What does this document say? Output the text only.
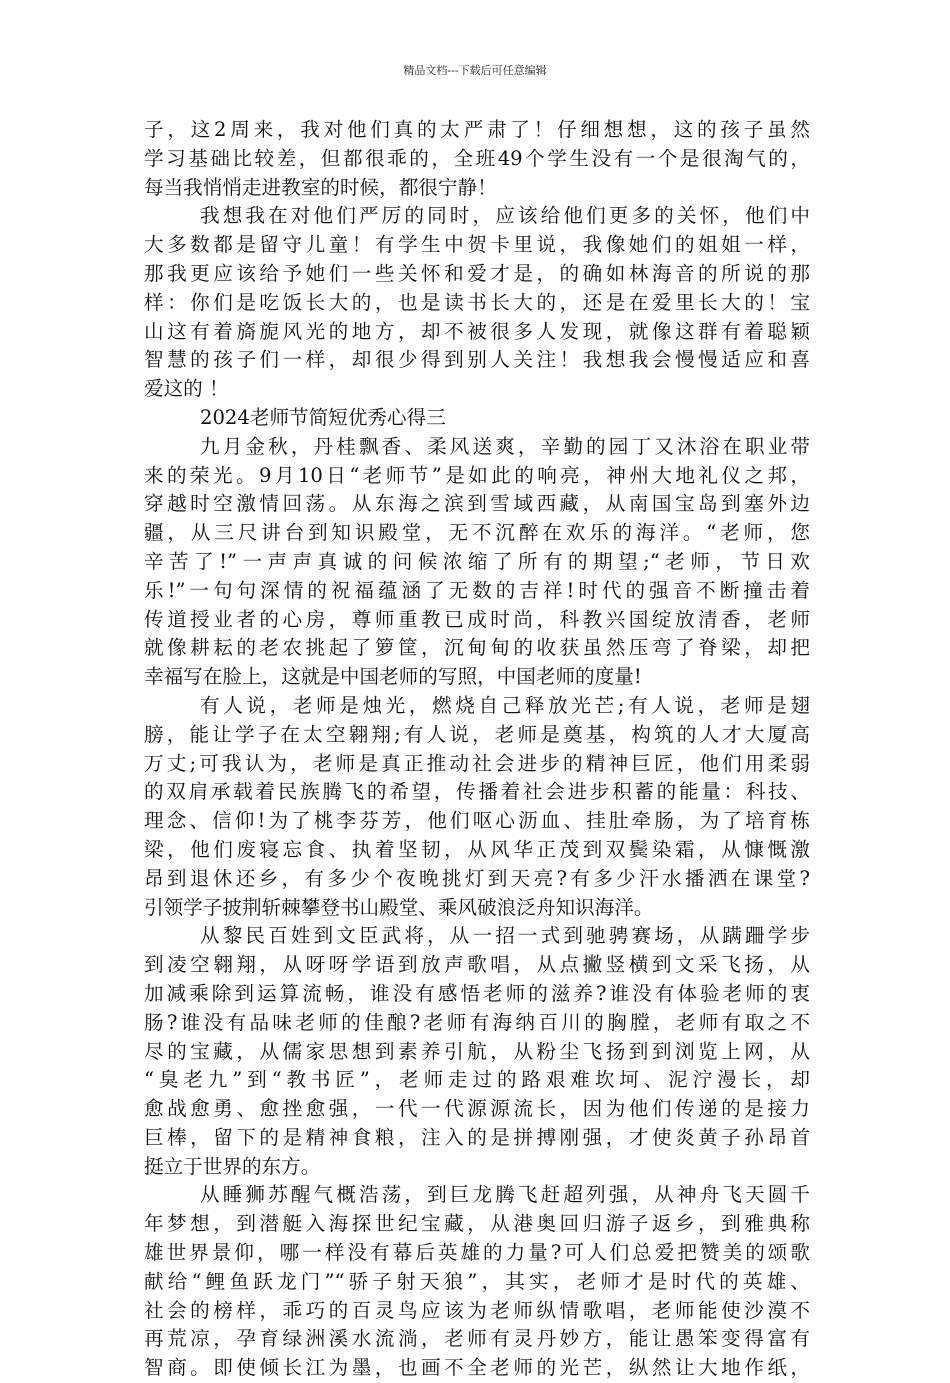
精品文档---下载后可任意编辑
子，这2周来，我对他们真的太严肃了！仔细想想，这的孩子虽然
学习基础比较差，但都很乖的，全班49个学生没有一个是很淘气的，
每当我悄悄走进教室的时候，都很宁静！
我想我在对他们严厉的同时，应该给他们更多的关怀，他们中
大多数都是留守儿童！有学生中贺卡里说，我像她们的姐姐一样，
那我更应该给予她们一些关怀和爱才是，的确如林海音的所说的那
样：你们是吃饭长大的，也是读书长大的，还是在爱里长大的！宝
山这有着旖旎风光的地方，却不被很多人发现，就像这群有着聪颖
智慧的孩子们一样，却很少得到别人关注！我想我会慢慢适应和喜
爱这的 ！
2024老师节简短优秀心得三
九月金秋，丹桂飘香、柔风送爽，辛勤的园丁又沐浴在职业带
来的荣光。9月10日“老师节”是如此的响亮，神州大地礼仪之邦，
穿越时空激情回荡。从东海之滨到雪域西藏，从南国宝岛到塞外边
疆，从三尺讲台到知识殿堂，无不沉醉在欢乐的海洋。“老师，您
辛苦了!”一声声真诚的问候浓缩了所有的期望;“老师，节日欢
乐!”一句句深情的祝福蕴涵了无数的吉祥!时代的强音不断撞击着
传道授业者的心房，尊师重教已成时尚，科教兴国绽放清香，老师
就像耕耘的老农挑起了箩筐，沉甸甸的收获虽然压弯了脊梁，却把
幸福写在脸上，这就是中国老师的写照，中国老师的度量!
有人说，老师是烛光，燃烧自己释放光芒;有人说，老师是翅
膀，能让学子在太空翱翔;有人说，老师是奠基，构筑的人才大厦高
万丈;可我认为，老师是真正推动社会进步的精神巨匠，他们用柔弱
的双肩承载着民族腾飞的希望，传播着社会进步积蓄的能量：科技、
理念、信仰!为了桃李芬芳，他们呕心沥血、挂肚牵肠，为了培育栋
梁，他们废寝忘食、执着坚韧，从风华正茂到双鬓染霜，从慷慨激
昂到退休还乡，有多少个夜晚挑灯到天亮?有多少汗水播洒在课堂?
引领学子披荆斩棘攀登书山殿堂、乘风破浪泛舟知识海洋。
从黎民百姓到文臣武将，从一招一式到驰骋赛场，从蹒跚学步
到凌空翱翔，从呀呀学语到放声歌唱，从点撇竖横到文采飞扬，从
加减乘除到运算流畅，谁没有感悟老师的滋养?谁没有体验老师的衷
肠?谁没有品味老师的佳酿?老师有海纳百川的胸膛，老师有取之不
尽的宝藏，从儒家思想到素养引航，从粉尘飞扬到到浏览上网，从
“臭老九”到“教书匠”，老师走过的路艰难坎坷、泥泞漫长，却
愈战愈勇、愈挫愈强，一代一代源源流长，因为他们传递的是接力
巨棒，留下的是精神食粮，注入的是拼搏刚强，才使炎黄子孙昂首
挺立于世界的东方。
从睡狮苏醒气概浩荡，到巨龙腾飞赶超列强，从神舟飞天圆千
年梦想，到潜艇入海探世纪宝藏，从港奥回归游子返乡，到雅典称
雄世界景仰，哪一样没有幕后英雄的力量?可人们总爱把赞美的颂歌
献给“鲤鱼跃龙门”“骄子射天狼”，其实，老师才是时代的英雄、
社会的榜样，乖巧的百灵鸟应该为老师纵情歌唱，老师能使沙漠不
再荒凉，孕育绿洲溪水流淌，老师有灵丹妙方，能让愚笨变得富有
智商。即使倾长江为墨，也画不全老师的光芒，纵然让大地作纸，
